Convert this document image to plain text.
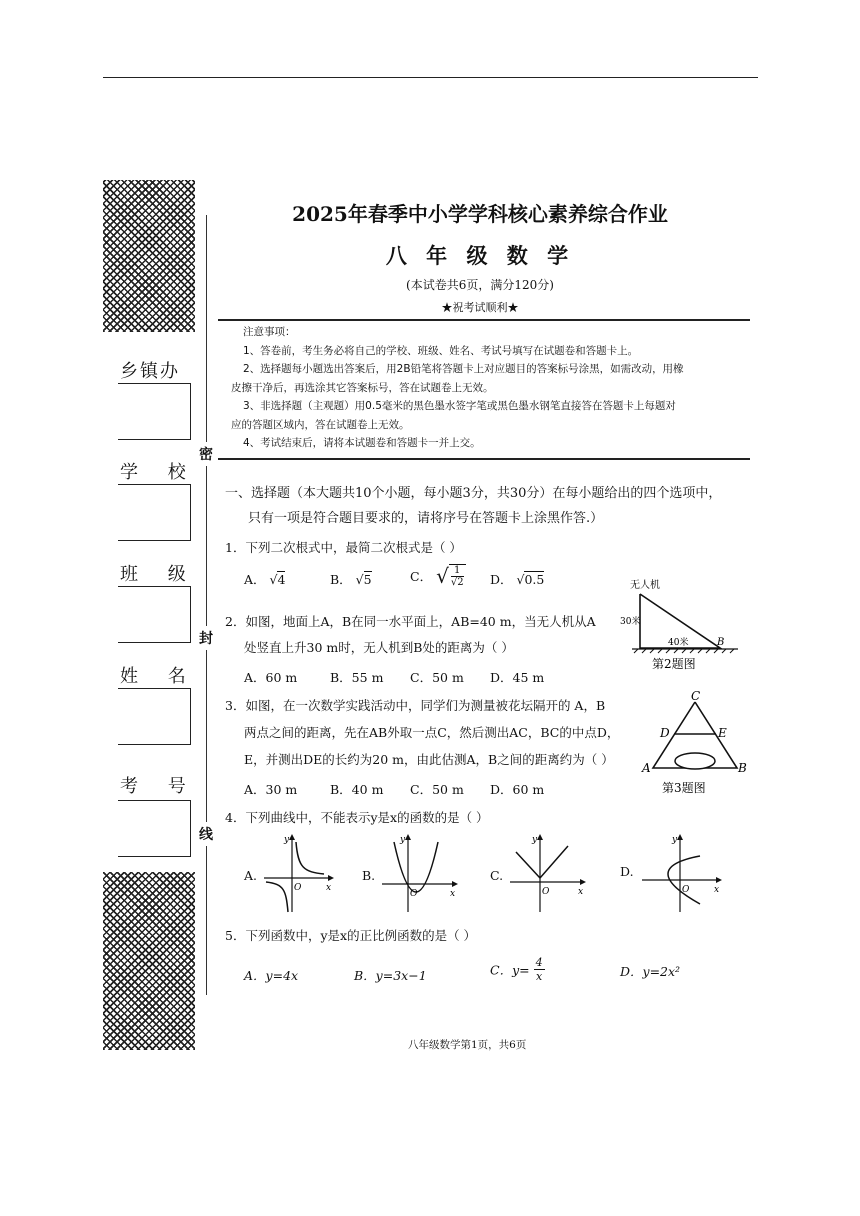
密
封
线
乡镇办
学 校
班 级
姓 名
考 号
2025年春季中小学学科核心素养综合作业
八 年 级 数 学
(本试卷共6页，满分120分)
★祝考试顺利★
注意事项：
1、答卷前，考生务必将自己的学校、班级、姓名、考试号填写在试题卷和答题卡上。
2、选择题每小题选出答案后，用2B铅笔将答题卡上对应题目的答案标号涂黑，如需改动，用橡
皮擦干净后，再选涂其它答案标号，答在试题卷上无效。
3、非选择题（主观题）用0.5毫米的黑色墨水签字笔或黑色墨水钢笔直接答在答题卡上每题对
应的答题区域内，答在试题卷上无效。
4、考试结束后，请将本试题卷和答题卡一并上交。
一、选择题（本大题共10个小题，每小题3分，共30分）在每小题给出的四个选项中，
只有一项是符合题目要求的，请将序号在答题卡上涂黑作答.）
1．下列二次根式中，最简二次根式是（ ）
A． √4	B． √5	C． √ 1
√2 D． √0.5
2．如图，地面上A，B在同一水平面上，AB=40 m，当无人机从A
处竖直上升30 m时，无人机到B处的距离为（ ）
A．60 m	B．55 m C．50 m D．45 m
无人机
30米
40米	B
第2题图
3．如图，在一次数学实践活动中，同学们为测量被花坛隔开的 A，B
两点之间的距离，先在AB外取一点C，然后测出AC，BC的中点D，
E，并测出DE的长约为20 m，由此估测A，B之间的距离约为（ ）
A．30 m	B．40 m C．50 m D．60 m
C
D	E
A	B
第3题图
4．下列曲线中，不能表示y是x的函数的是（ ）
A.
x
y
O
B.
x
y
O
C.
x
y
O
D.
x
y
O
5．下列函数中，y是x的正比例函数的是（ ）
A．y=4x	B．y=3x−1	C．$y= \frac{4}{x}$	D．y=2x²
八年级数学第1页，共6页
